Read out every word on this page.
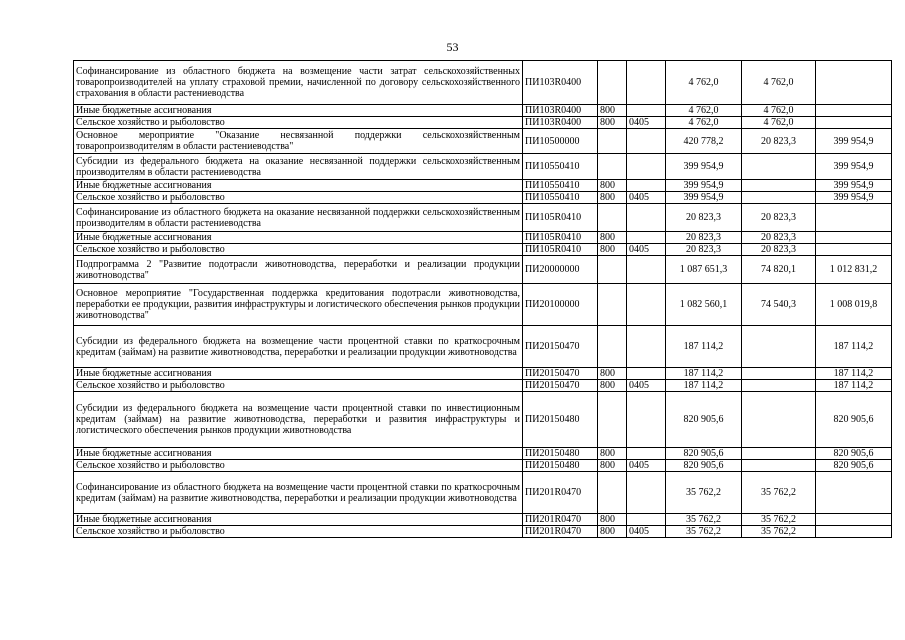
53
Софинансирование из областного бюджета на возмещение части затрат сельскохозяйственных товаропроизводителей на уплату страховой премии, начисленной по договору сельскохозяйственного страхования в области растениеводства	ПИ103R0400			4 762,0	4 762,0	
Иные бюджетные ассигнования	ПИ103R0400	800		4 762,0	4 762,0	
Сельское хозяйство и рыболовство	ПИ103R0400	800	0405	4 762,0	4 762,0	
Основное мероприятие "Оказание несвязанной поддержки сельскохозяйственным товаропроизводителям в области растениеводства"	ПИ10500000			420 778,2	20 823,3	399 954,9
Субсидии из федерального бюджета на оказание несвязанной поддержки сельскохозяйственным производителям в области растениеводства	ПИ10550410			399 954,9		399 954,9
Иные бюджетные ассигнования	ПИ10550410	800		399 954,9		399 954,9
Сельское хозяйство и рыболовство	ПИ10550410	800	0405	399 954,9		399 954,9
Софинансирование из областного бюджета на оказание несвязанной поддержки сельскохозяйственным производителям в области растениеводства	ПИ105R0410			20 823,3	20 823,3	
Иные бюджетные ассигнования	ПИ105R0410	800		20 823,3	20 823,3	
Сельское хозяйство и рыболовство	ПИ105R0410	800	0405	20 823,3	20 823,3	
Подпрограмма 2 "Развитие подотрасли животноводства, переработки и реализации продукции животноводства"	ПИ20000000			1 087 651,3	74 820,1	1 012 831,2
Основное мероприятие "Государственная поддержка кредитования подотрасли животноводства, переработки ее продукции, развития инфраструктуры и логистического обеспечения рынков продукции животноводства"	ПИ20100000			1 082 560,1	74 540,3	1 008 019,8
Субсидии из федерального бюджета на возмещение части процентной ставки по краткосрочным кредитам (займам) на развитие животноводства, переработки и реализации продукции животноводства	ПИ20150470			187 114,2		187 114,2
Иные бюджетные ассигнования	ПИ20150470	800		187 114,2		187 114,2
Сельское хозяйство и рыболовство	ПИ20150470	800	0405	187 114,2		187 114,2
Субсидии из федерального бюджета на возмещение части процентной ставки по инвестиционным кредитам (займам) на развитие животноводства, переработки и развития инфраструктуры и логистического обеспечения рынков продукции животноводства	ПИ20150480			820 905,6		820 905,6
Иные бюджетные ассигнования	ПИ20150480	800		820 905,6		820 905,6
Сельское хозяйство и рыболовство	ПИ20150480	800	0405	820 905,6		820 905,6
Софинансирование из областного бюджета на возмещение части процентной ставки по краткосрочным кредитам (займам) на развитие животноводства, переработки и реализации продукции животноводства	ПИ201R0470			35 762,2	35 762,2	
Иные бюджетные ассигнования	ПИ201R0470	800		35 762,2	35 762,2	
Сельское хозяйство и рыболовство	ПИ201R0470	800	0405	35 762,2	35 762,2	
